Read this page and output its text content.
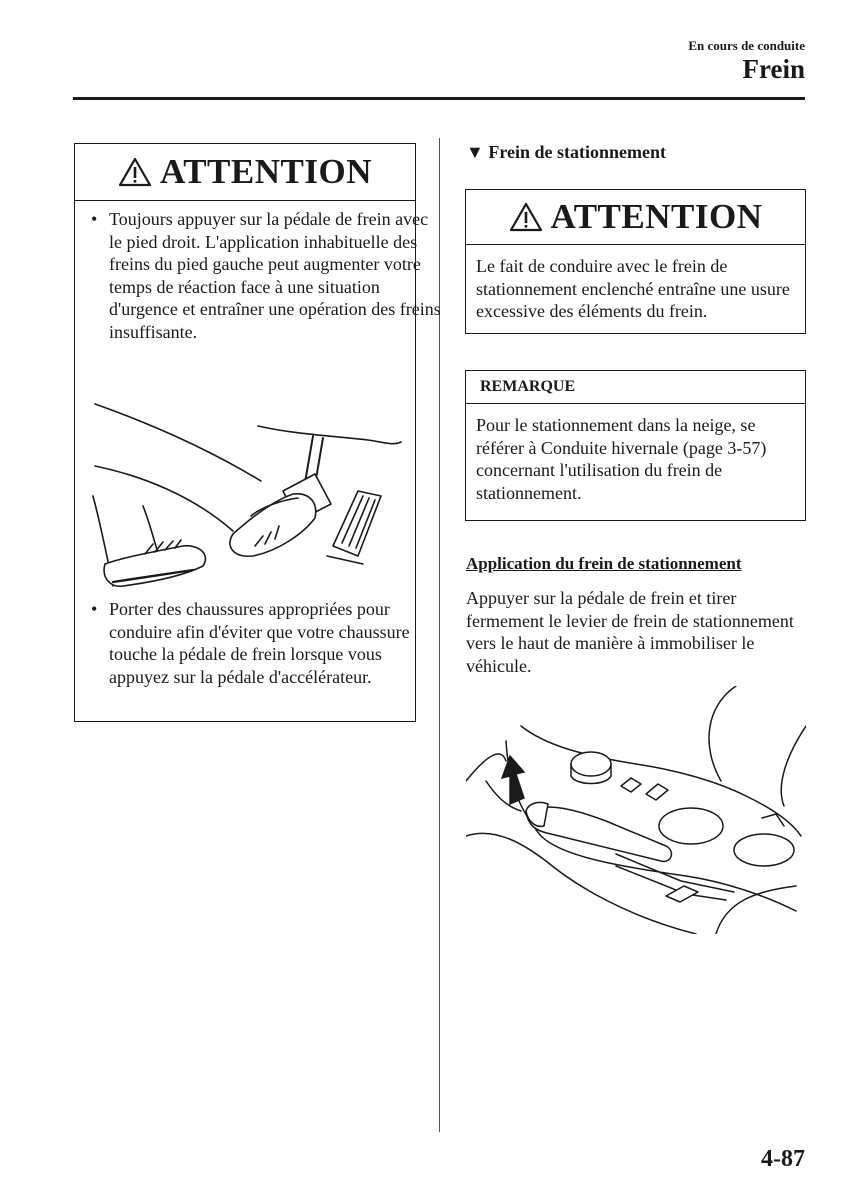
En cours de conduite
Frein
ATTENTION
• Toujours appuyer sur la pédale de frein avec le pied droit. L'application inhabituelle des freins du pied gauche peut augmenter votre temps de réaction face à une situation d'urgence et entraîner une opération des freins insuffisante.
• Porter des chaussures appropriées pour conduire afin d'éviter que votre chaussure touche la pédale de frein lorsque vous appuyez sur la pédale d'accélérateur.
▼ Frein de stationnement
ATTENTION
Le fait de conduire avec le frein de stationnement enclenché entraîne une usure excessive des éléments du frein.
REMARQUE
Pour le stationnement dans la neige, se référer à Conduite hivernale (page 3-57) concernant l'utilisation du frein de stationnement.
Application du frein de stationnement
Appuyer sur la pédale de frein et tirer fermement le levier de frein de stationnement vers le haut de manière à immobiliser le véhicule.
4-87
